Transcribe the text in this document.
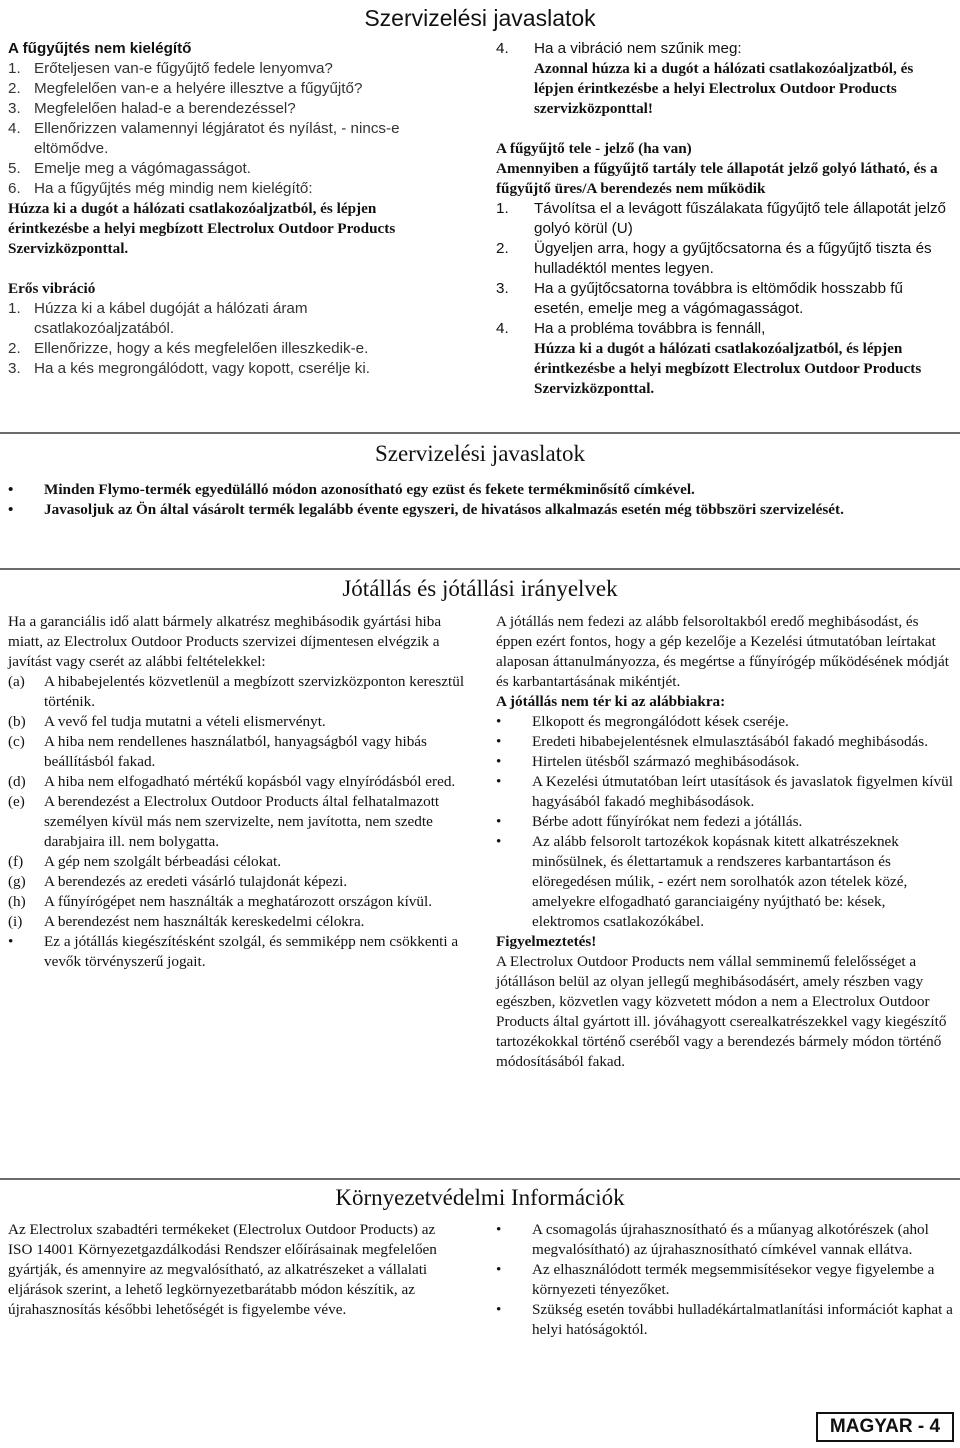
Szervizelési javaslatok

A fűgyűjtés nem kielégítő

1. Erőteljesen van-e fűgyűjtő fedele lenyomva?
2. Megfelelően van-e a helyére illesztve a fűgyűjtő?
3. Megfelelően halad-e a berendezéssel?
4. Ellenőrizzen valamennyi légjáratot és nyílást, - nincs-e eltömődve.
5. Emelje meg a vágómagasságot.
6. Ha a fűgyűjtés még mindig nem kielégítő:

Húzza ki a dugót a hálózati csatlakozóaljzatból, és lépjen érintkezésbe a helyi megbízott Electrolux Outdoor Products Szervizközponttal.

Erős vibráció

1. Húzza ki a kábel dugóját a hálózati áram csatlakozóaljzatából.
2. Ellenőrizze, hogy a kés megfelelően illeszkedik-e.
3. Ha a kés megrongálódott, vagy kopott, cserélje ki.
4.	Ha a vibráció nem szűnik meg:

Azonnal húzza ki a dugót a hálózati csatlakozóaljzatból, és lépjen érintkezésbe a helyi Electrolux Outdoor Products szervizközponttal!

A fűgyűjtő tele - jelző (ha van)

Amennyiben a fűgyűjtő tartály tele állapotát jelző golyó látható, és a fűgyűjtő üres/A berendezés nem működik

1.	Távolítsa el a levágott fűszálakata fűgyűjtő tele állapotát jelző golyó körül (U)
2.	Ügyeljen arra, hogy a gyűjtőcsatorna és a fűgyűjtő tiszta és hulladéktól mentes legyen.
3.	Ha a gyűjtőcsatorna továbbra is eltömődik hosszabb fű esetén, emelje meg a vágómagasságot.
4.	Ha a probléma továbbra is fennáll,

Húzza ki a dugót a hálózati csatlakozóaljzatból, és lépjen érintkezésbe a helyi megbízott Electrolux Outdoor Products Szervizközponttal.

Szervizelési javaslatok
•	Minden Flymo-termék egyedülálló módon azonosítható egy ezüst és fekete termékminősítő címkével.
•	Javasoljuk az Ön által vásárolt termék legalább évente egyszeri, de hivatásos alkalmazás esetén még többszöri szervizelését.
Jótállás és jótállási irányelvek

Ha a garanciális idő alatt bármely alkatrész meghibásodik gyártási hiba miatt, az Electrolux Outdoor Products szervizei díjmentesen elvégzik a javítást vagy cserét az alábbi feltételekkel:

(a)	A hibabejelentés közvetlenül a megbízott szervizközponton keresztül történik.
(b)	A vevő fel tudja mutatni a vételi elismervényt.
(c)	A hiba nem rendellenes használatból, hanyagságból vagy hibás beállításból fakad.
(d)	A hiba nem elfogadható mértékű kopásból vagy elnyíródásból ered.
(e)	A berendezést a Electrolux Outdoor Products által felhatalmazott személyen kívül más nem szervizelte, nem javította, nem szedte darabjaira ill. nem bolygatta.
(f)	A gép nem szolgált bérbeadási célokat.
(g)	A berendezés az eredeti vásárló tulajdonát képezi.
(h)	A fűnyírógépet nem használták a meghatározott országon kívül.
(i)	A berendezést nem használták kereskedelmi célokra.
•	Ez a jótállás kiegészítésként szolgál, és semmiképp nem csökkenti a vevők törvényszerű jogait.

A jótállás nem fedezi az alább felsoroltakból eredő meghibásodást, és éppen ezért fontos, hogy a gép kezelője a Kezelési útmutatóban leírtakat alaposan áttanulmányozza, és megértse a fűnyírógép működésének módját és karbantartásának mikéntjét.

A jótállás nem tér ki az alábbiakra:

•	Elkopott és megrongálódott kések cseréje.
•	Eredeti hibabejelentésnek elmulasztásából fakadó meghibásodás.
•	Hirtelen ütésből származó meghibásodások.
•	A Kezelési útmutatóban leírt utasítások és javaslatok figyelmen kívül hagyásából fakadó meghibásodások.
•	Bérbe adott fűnyírókat nem fedezi a jótállás.
•	Az alább felsorolt tartozékok kopásnak kitett alkatrészeknek minősülnek, és élettartamuk a rendszeres karbantartáson és elöregedésen múlik, - ezért nem sorolhatók azon tételek közé, amelyekre elfogadható garanciaigény nyújtható be: kések, elektromos csatlakozókábel.

Figyelmeztetés!

A Electrolux Outdoor Products nem vállal semminemű felelősséget a jótálláson belül az olyan jellegű meghibásodásért, amely részben vagy egészben, közvetlen vagy közvetett módon a nem a Electrolux Outdoor Products által gyártott ill. jóváhagyott cserealkatrészekkel vagy kiegészítő tartozékokkal történő cseréből vagy a berendezés bármely módon történő módosításából fakad.

Környezetvédelmi Információk

Az Electrolux szabadtéri termékeket (Electrolux Outdoor Products) az ISO 14001 Környezetgazdálkodási Rendszer előírásainak megfelelően gyártják, és amennyire az megvalósítható, az alkatrészeket a vállalati eljárások szerint, a lehető legkörnyezetbarátabb módon készítik, az újrahasznosítás későbbi lehetőségét is figyelembe véve.

•	A csomagolás újrahasznosítható és a műanyag alkotórészek (ahol megvalósítható) az újrahasznosítható címkével vannak ellátva.
•	Az elhasználódott termék megsemmisítésekor vegye figyelembe a környezeti tényezőket.
•	Szükség esetén további hulladékártalmatlanítási információt kaphat a helyi hatóságoktól.
MAGYAR - 4
